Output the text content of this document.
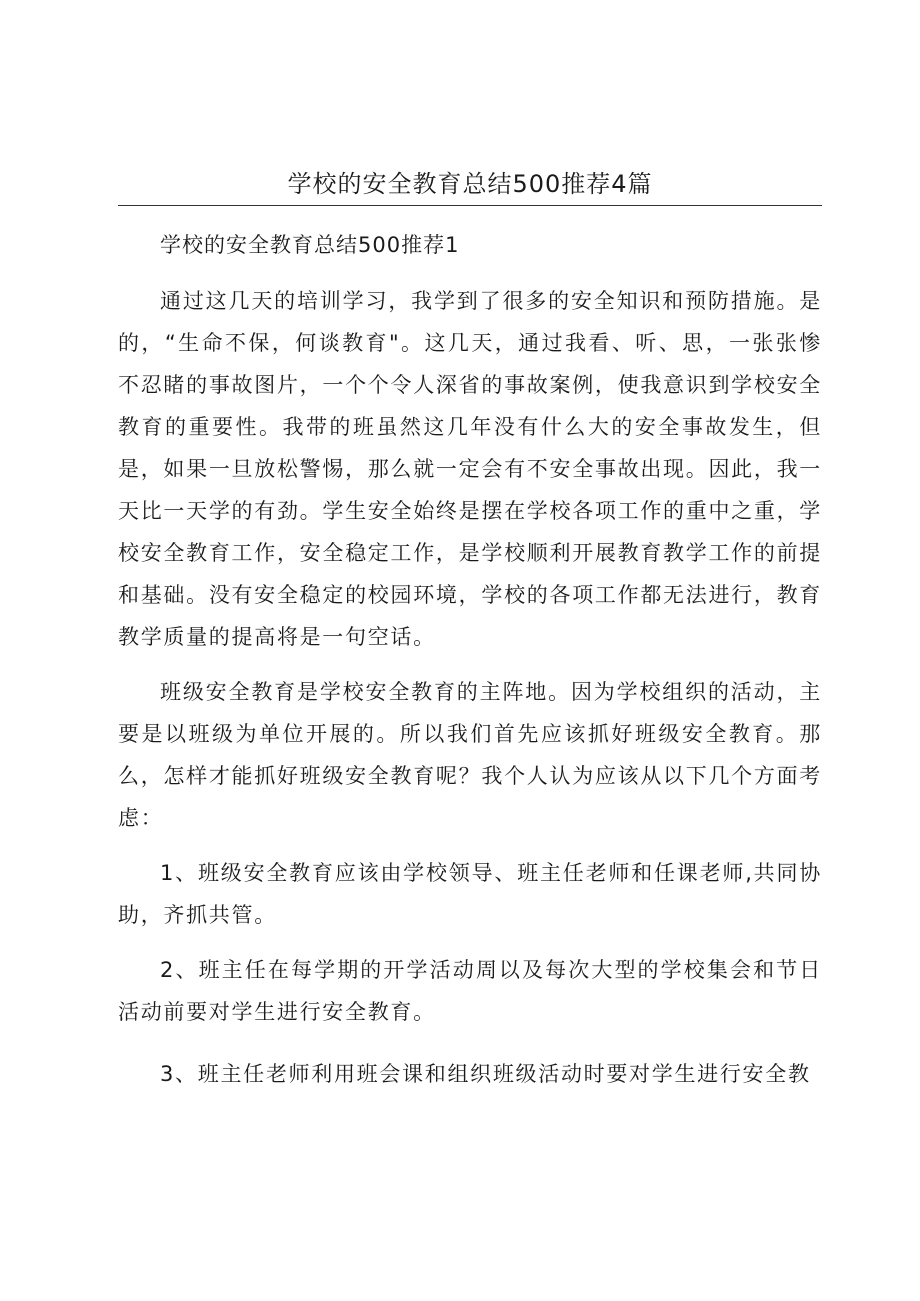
学校的安全教育总结500推荐4篇

学校的安全教育总结500推荐1

通过这几天的培训学习，我学到了很多的安全知识和预防措施。是的，“生命不保，何谈教育"。这几天，通过我看、听、思，一张张惨不忍睹的事故图片，一个个令人深省的事故案例，使我意识到学校安全教育的重要性。我带的班虽然这几年没有什么大的安全事故发生，但是，如果一旦放松警惕，那么就一定会有不安全事故出现。因此，我一天比一天学的有劲。学生安全始终是摆在学校各项工作的重中之重，学校安全教育工作，安全稳定工作，是学校顺利开展教育教学工作的前提和基础。没有安全稳定的校园环境，学校的各项工作都无法进行，教育教学质量的提高将是一句空话。

班级安全教育是学校安全教育的主阵地。因为学校组织的活动，主要是以班级为单位开展的。所以我们首先应该抓好班级安全教育。那么，怎样才能抓好班级安全教育呢？我个人认为应该从以下几个方面考虑：

1、班级安全教育应该由学校领导、班主任老师和任课老师,共同协助，齐抓共管。

2、班主任在每学期的开学活动周以及每次大型的学校集会和节日活动前要对学生进行安全教育。

3、班主任老师利用班会课和组织班级活动时要对学生进行安全教
